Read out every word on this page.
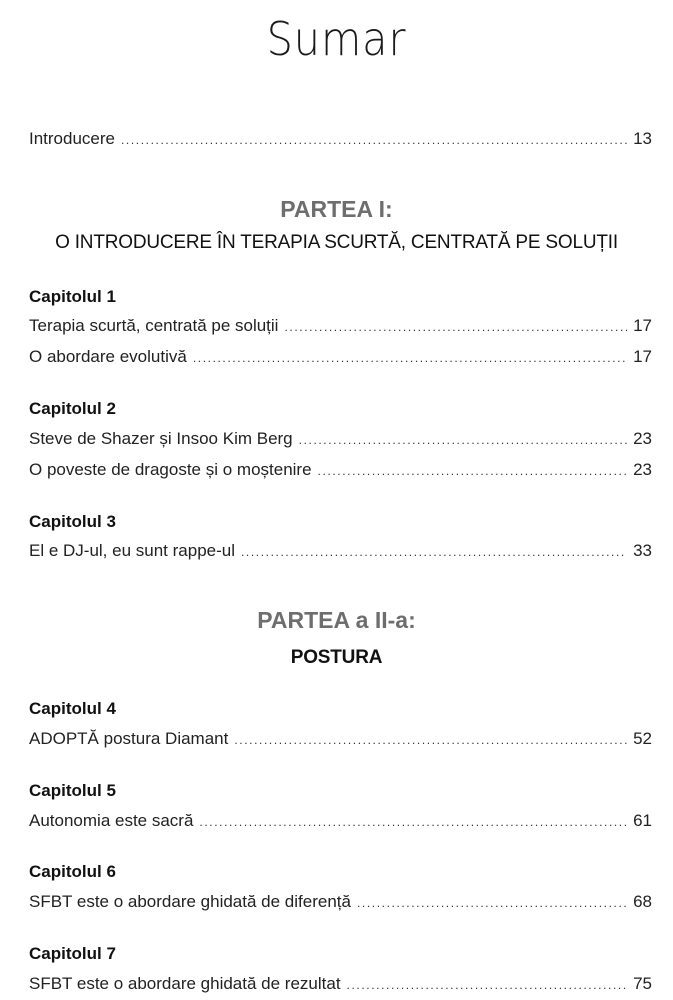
Sumar
Introducere .....	13
PARTEA I:
O INTRODUCERE ÎN TERAPIA SCURTĂ, CENTRATĂ PE SOLUȚII
Capitolul 1
Terapia scurtă, centrată pe soluții .....	17
O abordare evolutivă .....	17
Capitolul 2
Steve de Shazer și Insoo Kim Berg .....	23
O poveste de dragoste și o moștenire .....	23
Capitolul 3
El e DJ-ul, eu sunt rappe-ul .....	33
PARTEA a II-a:
POSTURA
Capitolul 4
ADOPTĂ postura Diamant .....	52
Capitolul 5
Autonomia este sacră .....	61
Capitolul 6
SFBT este o abordare ghidată de diferență .....	68
Capitolul 7
SFBT este o abordare ghidată de rezultat .....	75
